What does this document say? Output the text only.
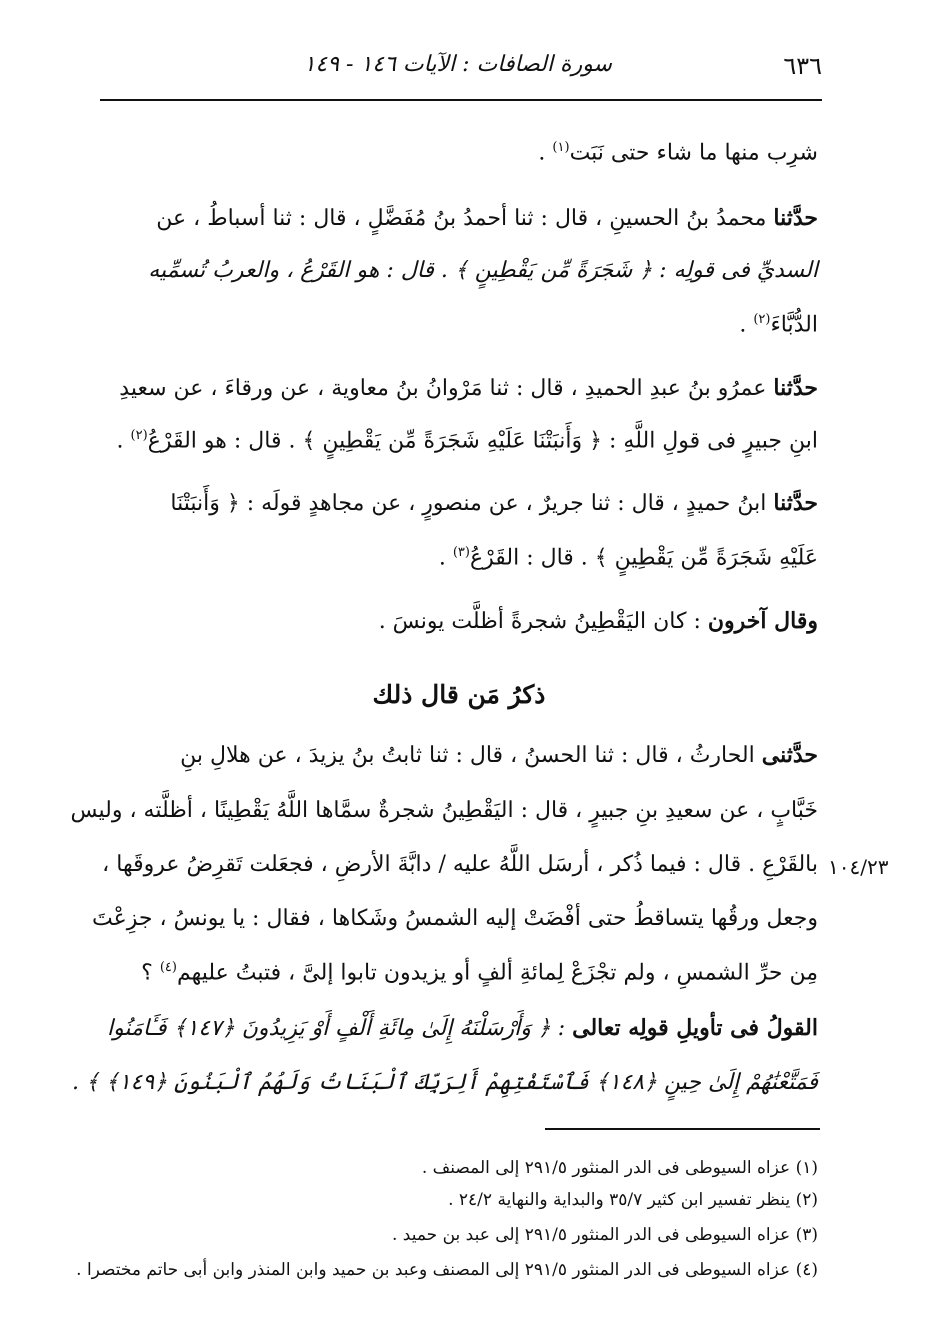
٦٣٦
سورة الصافات : الآيات ١٤٦ - ١٤٩
شرِب منها ما شاء حتى نَبَت$^{(١)}$ .
حدَّثنا محمدُ بنُ الحسينِ ، قال : ثنا أحمدُ بنُ مُفَضَّلٍ ، قال : ثنا أسباطُ ، عن
السديِّ فى قولِه : ﴿ شَجَرَةً مِّن يَقْطِينٍ ﴾ . قال : هو القَرْعُ ، والعربُ تُسمِّيه
الدُّبَّاءَ$^{(٢)}$ .
حدَّثنا عمرُو بنُ عبدِ الحميدِ ، قال : ثنا مَرْوانُ بنُ معاوية ، عن ورقاءَ ، عن سعيدِ
ابنِ جبيرٍ فى قولِ اللَّهِ : ﴿ وَأَنبَتْنَا عَلَيْهِ شَجَرَةً مِّن يَقْطِينٍ ﴾ . قال : هو القَرْعُ$^{(٢)}$ .
حدَّثنا ابنُ حميدٍ ، قال : ثنا جريرٌ ، عن منصورٍ ، عن مجاهدٍ قولَه : ﴿ وَأَنبَتْنَا
عَلَيْهِ شَجَرَةً مِّن يَقْطِينٍ ﴾ . قال : القَرْعُ$^{(٣)}$ .
وقال آخرون : كان اليَقْطِينُ شجرةً أظلَّت يونسَ .
حدَّثنى الحارثُ ، قال : ثنا الحسنُ ، قال : ثنا ثابتُ بنُ يزيدَ ، عن هلالِ بنِ
خَبَّابٍ ، عن سعيدِ بنِ جبيرٍ ، قال : اليَقْطِينُ شجرةٌ سمَّاها اللَّهُ يَقْطِينًا ، أظلَّته ، وليس
بالقَرْعِ . قال : فيما ذُكر ، أرسَل اللَّهُ عليه / دابَّةَ الأرضِ ، فجعَلت تَقرِضُ عروقَها ،
وجعل ورقُها يتساقطُ حتى أفْضَتْ إليه الشمسُ وشَكاها ، فقال : يا يونسُ ، جزِعْتَ
مِن حرِّ الشمسِ ، ولم تجْزَعْ لِمائةِ ألفٍ أو يزيدون تابوا إلىَّ ، فتبتُ عليهم$^{(٤)}$ ؟
القولُ فى تأويلِ قولِه تعالى : ﴿ وَأَرْسَلْنَهُ إِلَىٰ مِائَةِ أَلْفٍ أَوْ يَزِيدُونَ ﴿١٤٧﴾ فَـَٔامَنُوا
فَمَتَّعْنَٰهُمْ إِلَىٰ حِينٍ ﴿١٤٨﴾ فَٱسْتَفْتِهِمْ أَلِرَبِّكَ ٱلْبَنَاتُ وَلَهُمُ ٱلْبَنُونَ ﴿١٤٩﴾ ﴾ .
ذكرُ مَن قال ذلك
١٠٤/٢٣
(١) عزاه السيوطى فى الدر المنثور ٢٩١/٥ إلى المصنف .
(٢) ينظر تفسير ابن كثير ٣٥/٧ والبداية والنهاية ٢٤/٢ .
(٣) عزاه السيوطى فى الدر المنثور ٢٩١/٥ إلى عبد بن حميد .
(٤) عزاه السيوطى فى الدر المنثور ٢٩١/٥ إلى المصنف وعبد بن حميد وابن المنذر وابن أبى حاتم مختصرا .
